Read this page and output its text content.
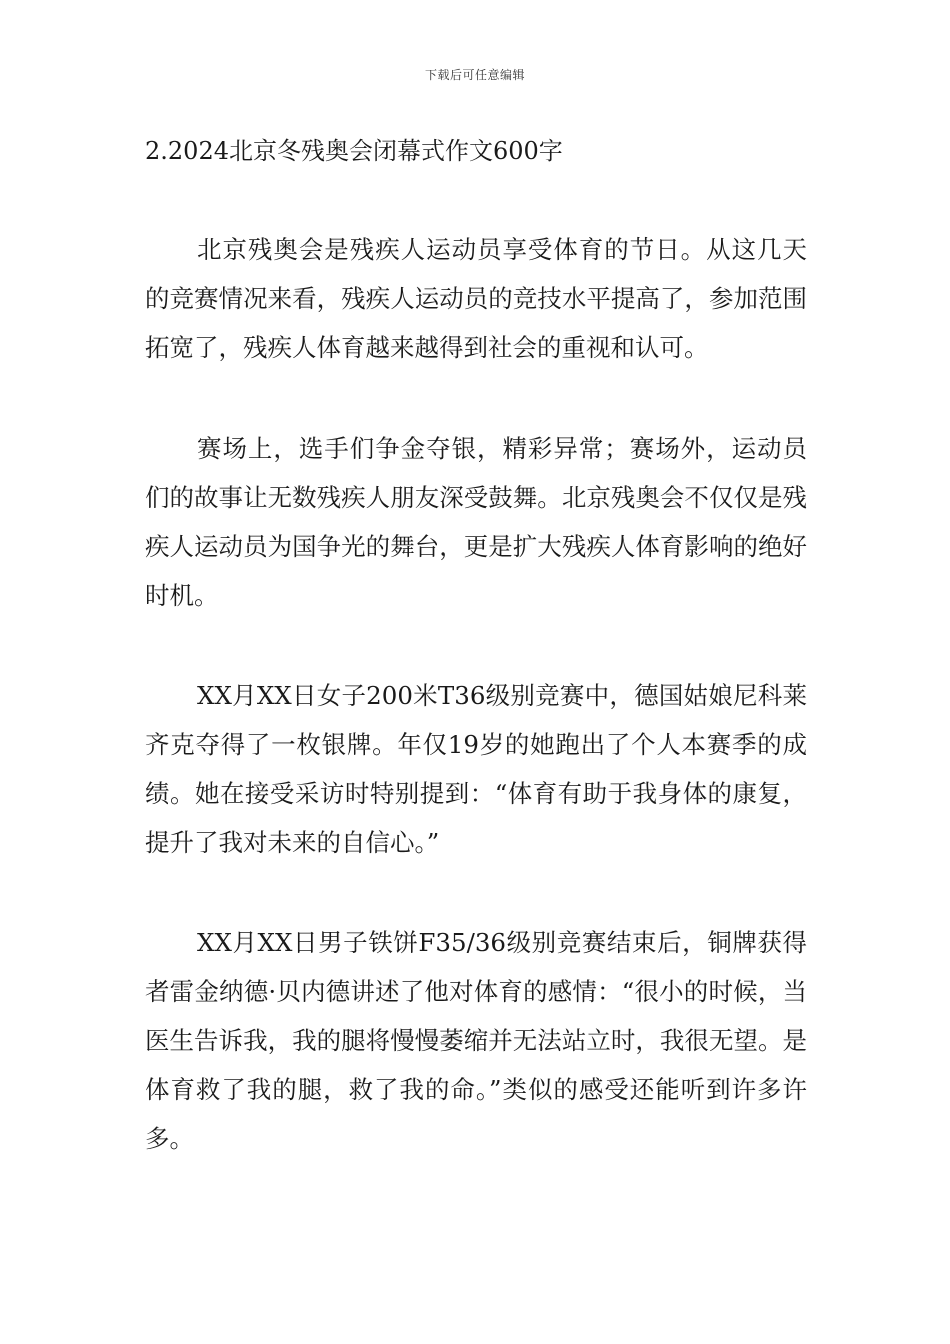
下载后可任意编辑
2.2024北京冬残奥会闭幕式作文600字

北京残奥会是残疾人运动员享受体育的节日。从这几天的竞赛情况来看，残疾人运动员的竞技水平提高了，参加范围拓宽了，残疾人体育越来越得到社会的重视和认可。

赛场上，选手们争金夺银，精彩异常；赛场外，运动员们的故事让无数残疾人朋友深受鼓舞。北京残奥会不仅仅是残疾人运动员为国争光的舞台，更是扩大残疾人体育影响的绝好时机。

XX月XX日女子200米T36级别竞赛中，德国姑娘尼科莱齐克夺得了一枚银牌。年仅19岁的她跑出了个人本赛季的成绩。她在接受采访时特别提到：“体育有助于我身体的康复，提升了我对未来的自信心。”

XX月XX日男子铁饼F35/36级别竞赛结束后，铜牌获得者雷金纳德·贝内德讲述了他对体育的感情：“很小的时候，当医生告诉我，我的腿将慢慢萎缩并无法站立时，我很无望。是体育救了我的腿，救了我的命。”类似的感受还能听到许多许多。
